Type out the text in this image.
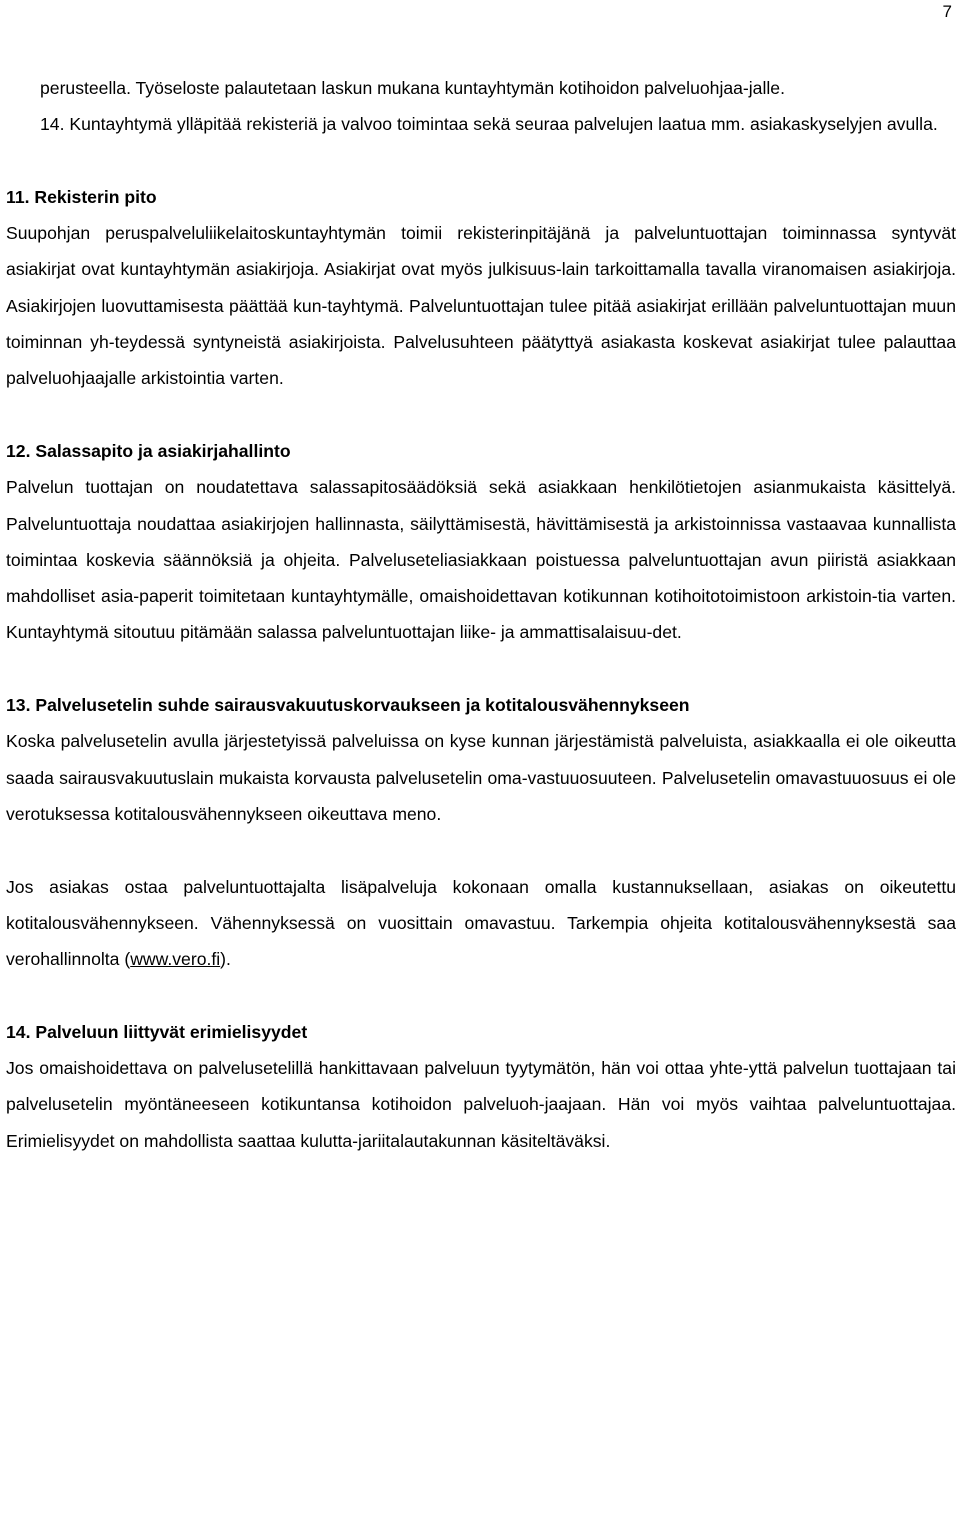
7

perusteella. Työseloste palautetaan laskun mukana kuntayhtymän kotihoidon palveluohjaa-jalle.

14. Kuntayhtymä ylläpitää rekisteriä ja valvoo toimintaa sekä seuraa palvelujen laatua mm. asiakaskyselyjen avulla.

11. Rekisterin pito

Suupohjan peruspalveluliikelaitoskuntayhtymän toimii rekisterinpitäjänä ja palveluntuottajan toiminnassa syntyvät asiakirjat ovat kuntayhtymän asiakirjoja. Asiakirjat ovat myös julkisuus-lain tarkoittamalla tavalla viranomaisen asiakirjoja. Asiakirjojen luovuttamisesta päättää kun-tayhtymä. Palveluntuottajan tulee pitää asiakirjat erillään palveluntuottajan muun toiminnan yh-teydessä syntyneistä asiakirjoista. Palvelusuhteen päätyttyä asiakasta koskevat asiakirjat tulee palauttaa palveluohjaajalle arkistointia varten.

12. Salassapito ja asiakirjahallinto

Palvelun tuottajan on noudatettava salassapitosäädöksiä sekä asiakkaan henkilötietojen asianmukaista käsittelyä. Palveluntuottaja noudattaa asiakirjojen hallinnasta, säilyttämisestä, hävittämisestä ja arkistoinnissa vastaavaa kunnallista toimintaa koskevia säännöksiä ja ohjeita. Palveluseteliasiakkaan poistuessa palveluntuottajan avun piiristä asiakkaan mahdolliset asia-paperit toimitetaan kuntayhtymälle, omaishoidettavan kotikunnan kotihoitotoimistoon arkistoin-tia varten. Kuntayhtymä sitoutuu pitämään salassa palveluntuottajan liike- ja ammattisalaisuu-det.

13. Palvelusetelin suhde sairausvakuutuskorvaukseen ja kotitalousvähennykseen

Koska palvelusetelin avulla järjestetyissä palveluissa on kyse kunnan järjestämistä palveluista, asiakkaalla ei ole oikeutta saada sairausvakuutuslain mukaista korvausta palvelusetelin oma-vastuuosuuteen. Palvelusetelin omavastuuosuus ei ole verotuksessa kotitalousvähennykseen oikeuttava meno.

Jos asiakas ostaa palveluntuottajalta lisäpalveluja kokonaan omalla kustannuksellaan, asiakas on oikeutettu kotitalousvähennykseen. Vähennyksessä on vuosittain omavastuu. Tarkempia ohjeita kotitalousvähennyksestä saa verohallinnolta (www.vero.fi).

14. Palveluun liittyvät erimielisyydet

Jos omaishoidettava on palvelusetelillä hankittavaan palveluun tyytymätön, hän voi ottaa yhte-yttä palvelun tuottajaan tai palvelusetelin myöntäneeseen kotikuntansa kotihoidon palveluoh-jaajaan. Hän voi myös vaihtaa palveluntuottajaa. Erimielisyydet on mahdollista saattaa kulutta-jariitalautakunnan käsiteltäväksi.
